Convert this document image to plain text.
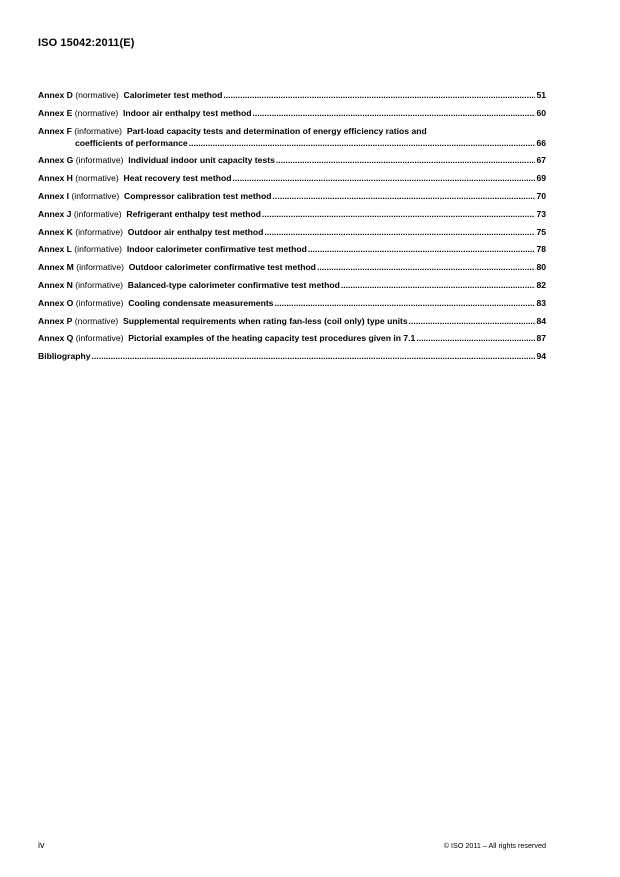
ISO 15042:2011(E)
Annex D (normative) Calorimeter test method .....	51
Annex E (normative) Indoor air enthalpy test method .....	60
Annex F (informative) Part-load capacity tests and determination of energy efficiency ratios and
coefficients of performance .....	66
Annex G (informative) Individual indoor unit capacity tests .....	67
Annex H (normative) Heat recovery test method .....	69
Annex I (informative) Compressor calibration test method .....	70
Annex J (informative) Refrigerant enthalpy test method .....	73
Annex K (informative) Outdoor air enthalpy test method .....	75
Annex L (informative) Indoor calorimeter confirmative test method .....	78
Annex M (informative) Outdoor calorimeter confirmative test method .....	80
Annex N (informative) Balanced-type calorimeter confirmative test method .....	82
Annex O (informative) Cooling condensate measurements .....	83
Annex P (normative) Supplemental requirements when rating fan-less (coil only) type units .....	84
Annex Q (informative) Pictorial examples of the heating capacity test procedures given in 7.1 .....	87
Bibliography .....	94
iv	© ISO 2011 – All rights reserved
